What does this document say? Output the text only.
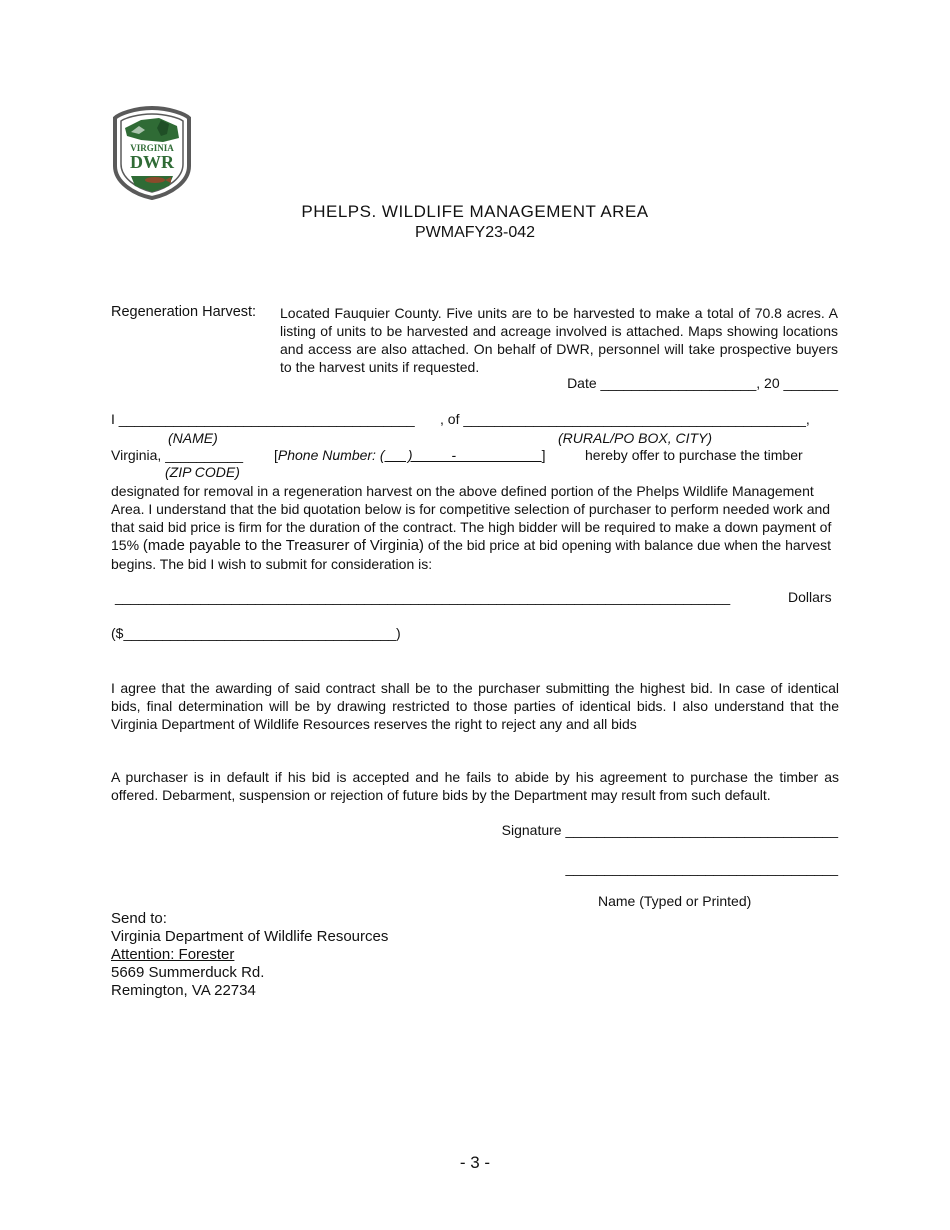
VIRGINIA
DWR
PHELPS. WILDLIFE MANAGEMENT AREA
PWMAFY23-042
Regeneration Harvest: Located Fauquier County. Five units are to be harvested to make a total of 70.8 acres. A listing of units to be harvested and acreage involved is attached. Maps showing locations and access are also attached. On behalf of DWR, personnel will take prospective buyers to the harvest units if requested.
Date ____________________, 20 _______
I ______________________________________ , of ____________________________________________,
(NAME)	(RURAL/PO BOX, CITY)
Virginia, __________ [Phone Number: (      )          -                      ]	hereby offer to purchase the timber
(ZIP CODE)
designated for removal in a regeneration harvest on the above defined portion of the Phelps Wildlife Management Area. I understand that the bid quotation below is for competitive selection of purchaser to perform needed work and that said bid price is firm for the duration of the contract. The high bidder will be required to make a down payment of 15% (made payable to the Treasurer of Virginia) of the bid price at bid opening with balance due when the harvest begins. The bid I wish to submit for consideration is:
_______________________________________________________________________________	Dollars
($___________________________________)
I agree that the awarding of said contract shall be to the purchaser submitting the highest bid. In case of identical bids, final determination will be by drawing restricted to those parties of identical bids. I also understand that the Virginia Department of Wildlife Resources reserves the right to reject any and all bids
A purchaser is in default if his bid is accepted and he fails to abide by his agreement to purchase the timber as offered. Debarment, suspension or rejection of future bids by the Department may result from such default.
Signature ___________________________________
___________________________________
Name (Typed or Printed)
Send to:
Virginia Department of Wildlife Resources
Attention: Forester
5669 Summerduck Rd.
Remington, VA 22734
- 3 -
